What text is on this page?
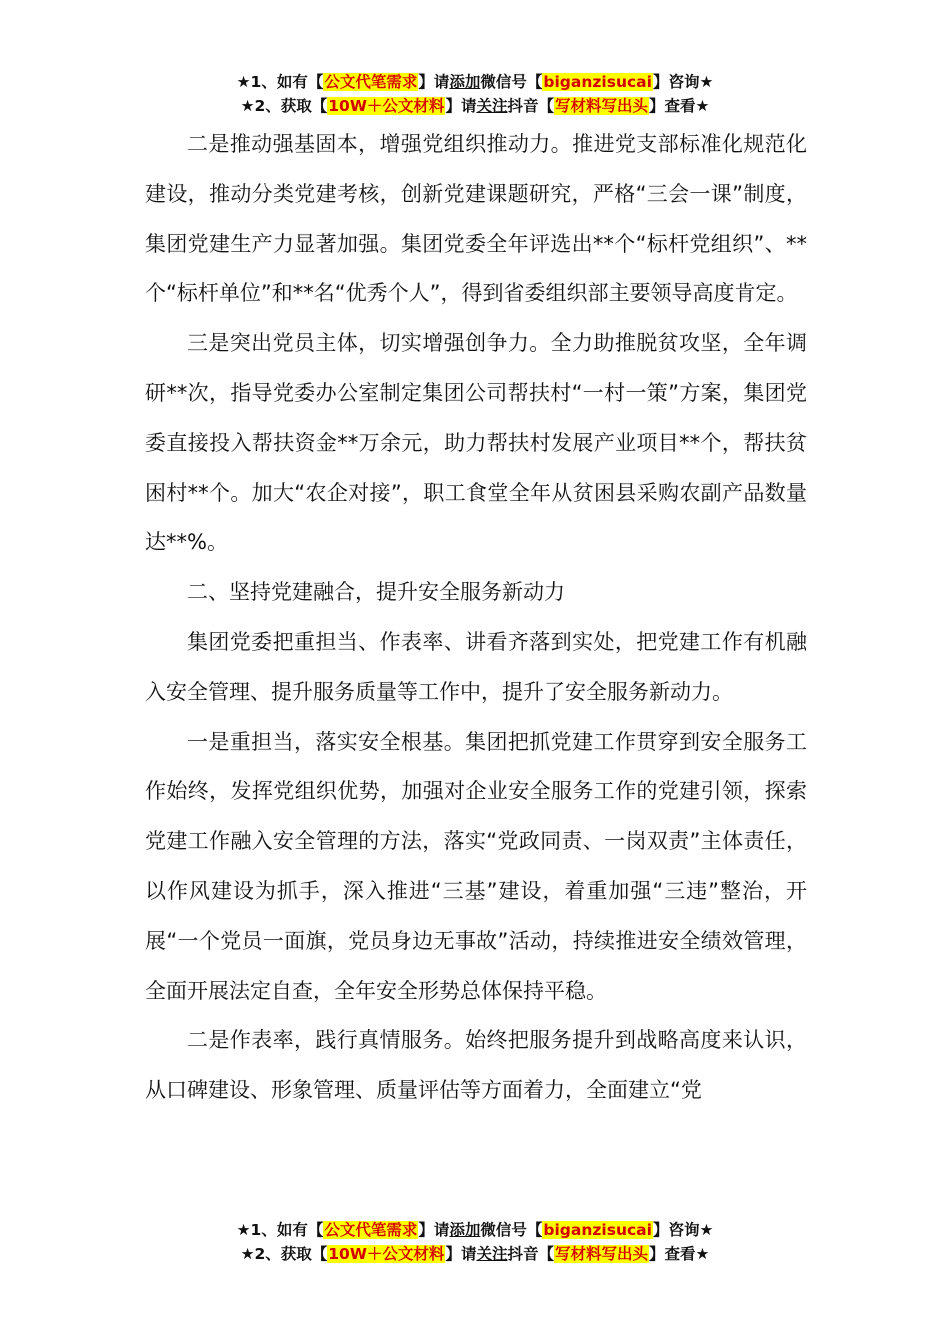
★1、如有【公文代笔需求】请添加微信号【biganzisucai】咨询★
★2、获取【10W＋公文材料】请关注抖音【写材料写出头】查看★

二是推动强基固本，增强党组织推动力。推进党支部标准化规范化建设，推动分类党建考核，创新党建课题研究，严格“三会一课”制度，集团党建生产力显著加强。集团党委全年评选出**个“标杆党组织”、**个“标杆单位”和**名“优秀个人”，得到省委组织部主要领导高度肯定。

三是突出党员主体，切实增强创争力。全力助推脱贫攻坚，全年调研**次，指导党委办公室制定集团公司帮扶村“一村一策”方案，集团党委直接投入帮扶资金**万余元，助力帮扶村发展产业项目**个，帮扶贫困村**个。加大“农企对接”，职工食堂全年从贫困县采购农副产品数量达**%。

二、坚持党建融合，提升安全服务新动力

集团党委把重担当、作表率、讲看齐落到实处，把党建工作有机融入安全管理、提升服务质量等工作中，提升了安全服务新动力。

一是重担当，落实安全根基。集团把抓党建工作贯穿到安全服务工作始终，发挥党组织优势，加强对企业安全服务工作的党建引领，探索党建工作融入安全管理的方法，落实“党政同责、一岗双责”主体责任，以作风建设为抓手，深入推进“三基”建设，着重加强“三违”整治，开展“一个党员一面旗，党员身边无事故”活动，持续推进安全绩效管理，全面开展法定自查，全年安全形势总体保持平稳。

二是作表率，践行真情服务。始终把服务提升到战略高度来认识，从口碑建设、形象管理、质量评估等方面着力，全面建立“党

★1、如有【公文代笔需求】请添加微信号【biganzisucai】咨询★
★2、获取【10W＋公文材料】请关注抖音【写材料写出头】查看★
